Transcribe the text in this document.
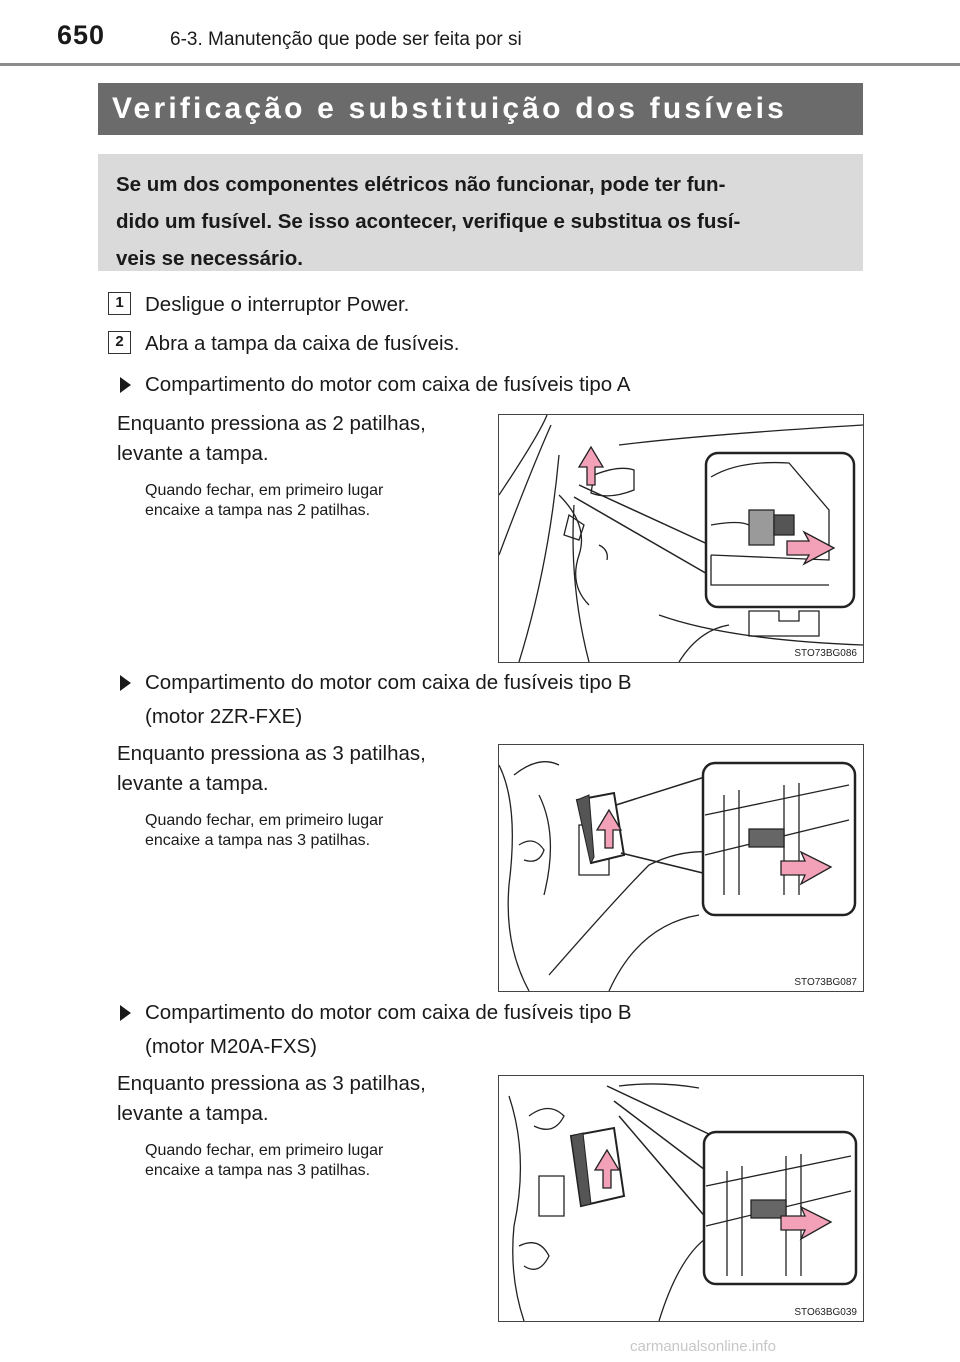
650	6-3. Manutenção que pode ser feita por si
Verificação e substituição dos fusíveis
Se um dos componentes elétricos não funcionar, pode ter fun-
dido um fusível. Se isso acontecer, verifique e substitua os fusí-
veis se necessário.
1	Desligue o interruptor Power.
2	Abra a tampa da caixa de fusíveis.
Compartimento do motor com caixa de fusíveis tipo A
Enquanto pressiona as 2 patilhas,
levante a tampa.
Quando fechar, em primeiro lugar
encaixe a tampa nas 2 patilhas.
STO73BG086
Compartimento do motor com caixa de fusíveis tipo B
(motor 2ZR-FXE)
Enquanto pressiona as 3 patilhas,
levante a tampa.
Quando fechar, em primeiro lugar
encaixe a tampa nas 3 patilhas.
STO73BG087
Compartimento do motor com caixa de fusíveis tipo B
(motor M20A-FXS)
Enquanto pressiona as 3 patilhas,
levante a tampa.
Quando fechar, em primeiro lugar
encaixe a tampa nas 3 patilhas.
STO63BG039
carmanualsonline.info
